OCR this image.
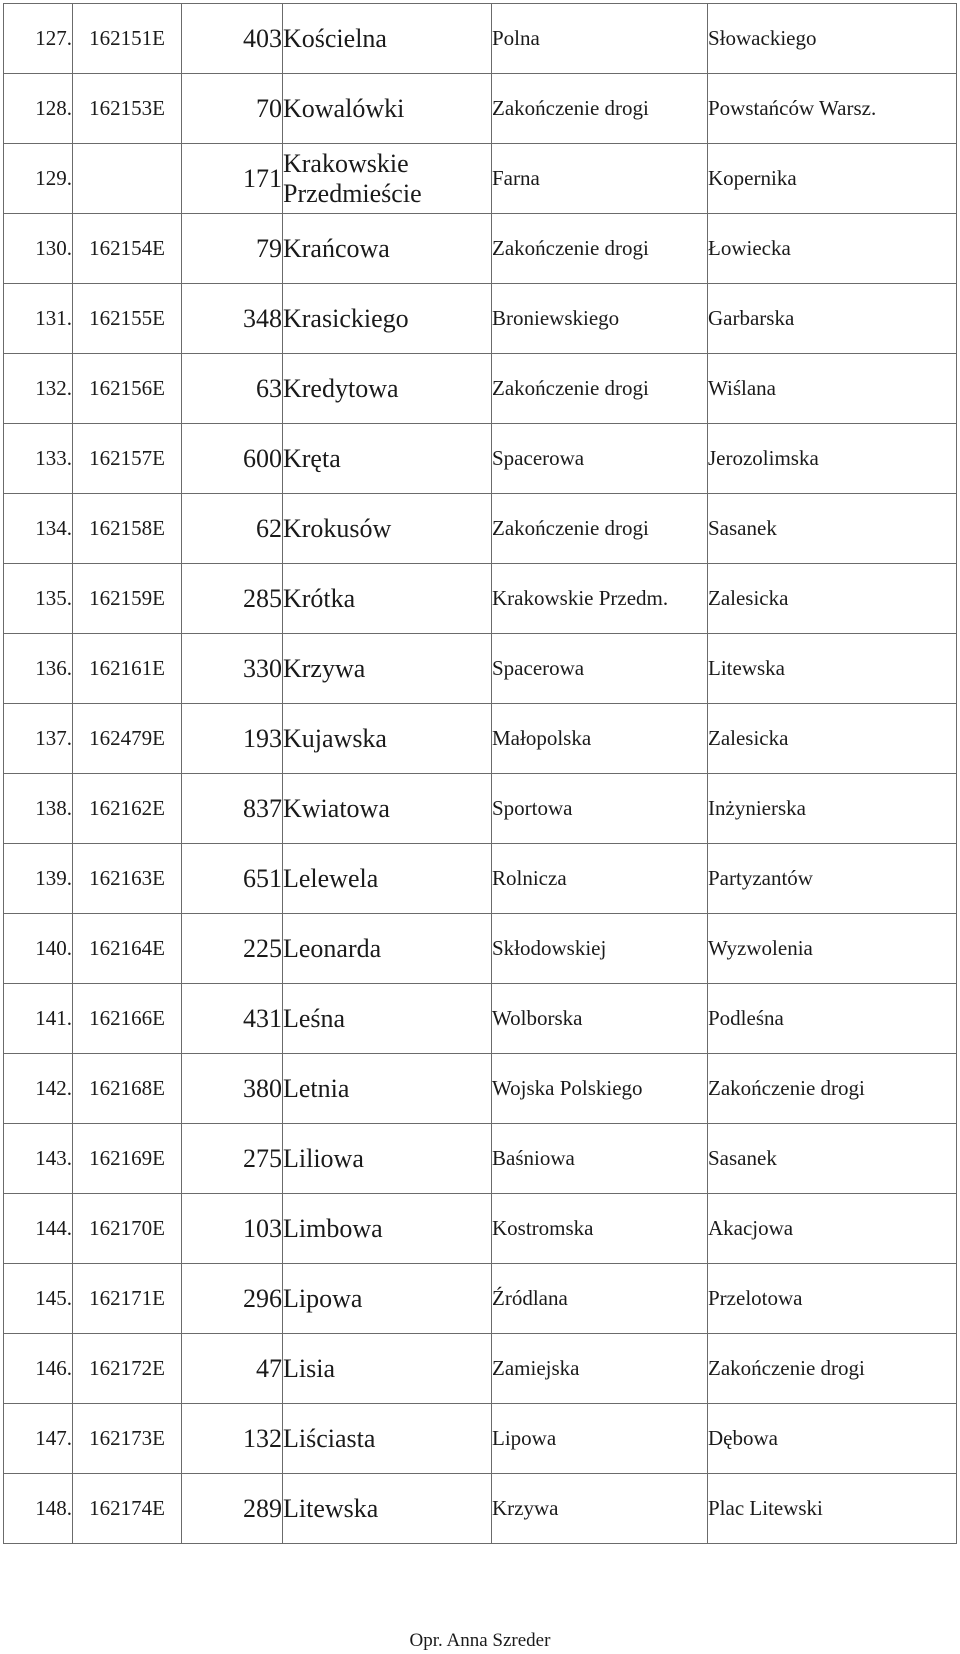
127.	162151E	403	Kościelna	Polna	Słowackiego
128.	162153E	70	Kowalówki	Zakończenie drogi	Powstańców Warsz.
129.		171	Krakowskie Przedmieście	Farna	Kopernika
130.	162154E	79	Krańcowa	Zakończenie drogi	Łowiecka
131.	162155E	348	Krasickiego	Broniewskiego	Garbarska
132.	162156E	63	Kredytowa	Zakończenie drogi	Wiślana
133.	162157E	600	Kręta	Spacerowa	Jerozolimska
134.	162158E	62	Krokusów	Zakończenie drogi	Sasanek
135.	162159E	285	Krótka	Krakowskie Przedm.	Zalesicka
136.	162161E	330	Krzywa	Spacerowa	Litewska
137.	162479E	193	Kujawska	Małopolska	Zalesicka
138.	162162E	837	Kwiatowa	Sportowa	Inżynierska
139.	162163E	651	Lelewela	Rolnicza	Partyzantów
140.	162164E	225	Leonarda	Skłodowskiej	Wyzwolenia
141.	162166E	431	Leśna	Wolborska	Podleśna
142.	162168E	380	Letnia	Wojska Polskiego	Zakończenie drogi
143.	162169E	275	Liliowa	Baśniowa	Sasanek
144.	162170E	103	Limbowa	Kostromska	Akacjowa
145.	162171E	296	Lipowa	Źródlana	Przelotowa
146.	162172E	47	Lisia	Zamiejska	Zakończenie drogi
147.	162173E	132	Liściasta	Lipowa	Dębowa
148.	162174E	289	Litewska	Krzywa	Plac Litewski
Opr. Anna Szreder
